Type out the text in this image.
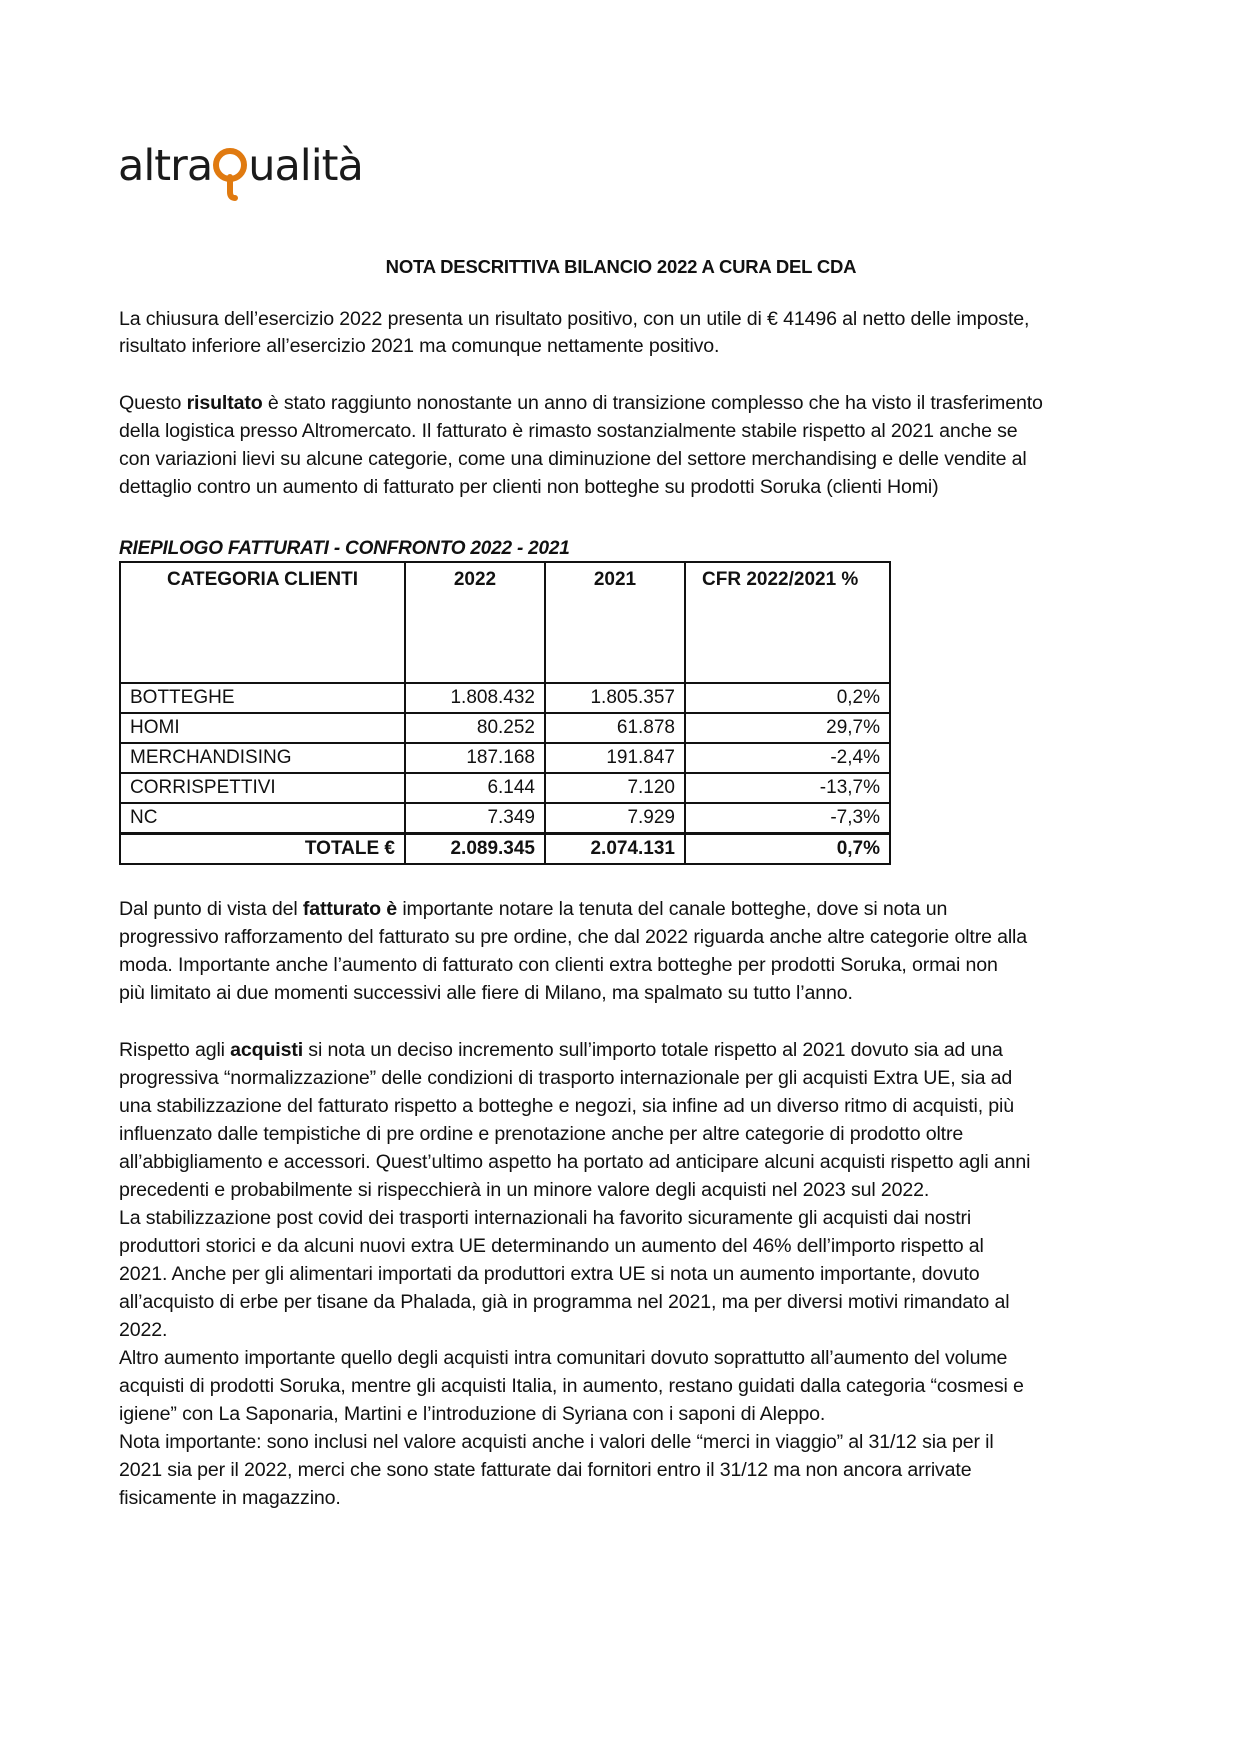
altra ualità
NOTA DESCRITTIVA BILANCIO 2022 A CURA DEL CDA
La chiusura dell’esercizio 2022 presenta un risultato positivo, con un utile di € 41496 al netto delle imposte,
risultato inferiore all’esercizio 2021 ma comunque nettamente positivo.
Questo risultato è stato raggiunto nonostante un anno di transizione complesso che ha visto il trasferimento
della logistica presso Altromercato. Il fatturato è rimasto sostanzialmente stabile rispetto al 2021 anche se
con variazioni lievi su alcune categorie, come una diminuzione del settore merchandising e delle vendite al
dettaglio contro un aumento di fatturato per clienti non botteghe su prodotti Soruka (clienti Homi)
RIEPILOGO FATTURATI - CONFRONTO 2022 - 2021
CATEGORIA CLIENTI	2022	2021	CFR 2022/2021 %
BOTTEGHE	1.808.432	1.805.357	0,2%
HOMI	80.252	61.878	29,7%
MERCHANDISING	187.168	191.847	-2,4%
CORRISPETTIVI	6.144	7.120	-13,7%
NC	7.349	7.929	-7,3%
TOTALE €	2.089.345	2.074.131	0,7%
Dal punto di vista del fatturato è importante notare la tenuta del canale botteghe, dove si nota un
progressivo rafforzamento del fatturato su pre ordine, che dal 2022 riguarda anche altre categorie oltre alla
moda. Importante anche l’aumento di fatturato con clienti extra botteghe per prodotti Soruka, ormai non
più limitato ai due momenti successivi alle fiere di Milano, ma spalmato su tutto l’anno.
Rispetto agli acquisti si nota un deciso incremento sull’importo totale rispetto al 2021 dovuto sia ad una
progressiva “normalizzazione” delle condizioni di trasporto internazionale per gli acquisti Extra UE, sia ad
una stabilizzazione del fatturato rispetto a botteghe e negozi, sia infine ad un diverso ritmo di acquisti, più
influenzato dalle tempistiche di pre ordine e prenotazione anche per altre categorie di prodotto oltre
all’abbigliamento e accessori. Quest’ultimo aspetto ha portato ad anticipare alcuni acquisti rispetto agli anni
precedenti e probabilmente si rispecchierà in un minore valore degli acquisti nel 2023 sul 2022.
La stabilizzazione post covid dei trasporti internazionali ha favorito sicuramente gli acquisti dai nostri
produttori storici e da alcuni nuovi extra UE determinando un aumento del 46% dell’importo rispetto al
2021. Anche per gli alimentari importati da produttori extra UE si nota un aumento importante, dovuto
all’acquisto di erbe per tisane da Phalada, già in programma nel 2021, ma per diversi motivi rimandato al
2022.
Altro aumento importante quello degli acquisti intra comunitari dovuto soprattutto all’aumento del volume
acquisti di prodotti Soruka, mentre gli acquisti Italia, in aumento, restano guidati dalla categoria “cosmesi e
igiene” con La Saponaria, Martini e l’introduzione di Syriana con i saponi di Aleppo.
Nota importante: sono inclusi nel valore acquisti anche i valori delle “merci in viaggio” al 31/12 sia per il
2021 sia per il 2022, merci che sono state fatturate dai fornitori entro il 31/12 ma non ancora arrivate
fisicamente in magazzino.
